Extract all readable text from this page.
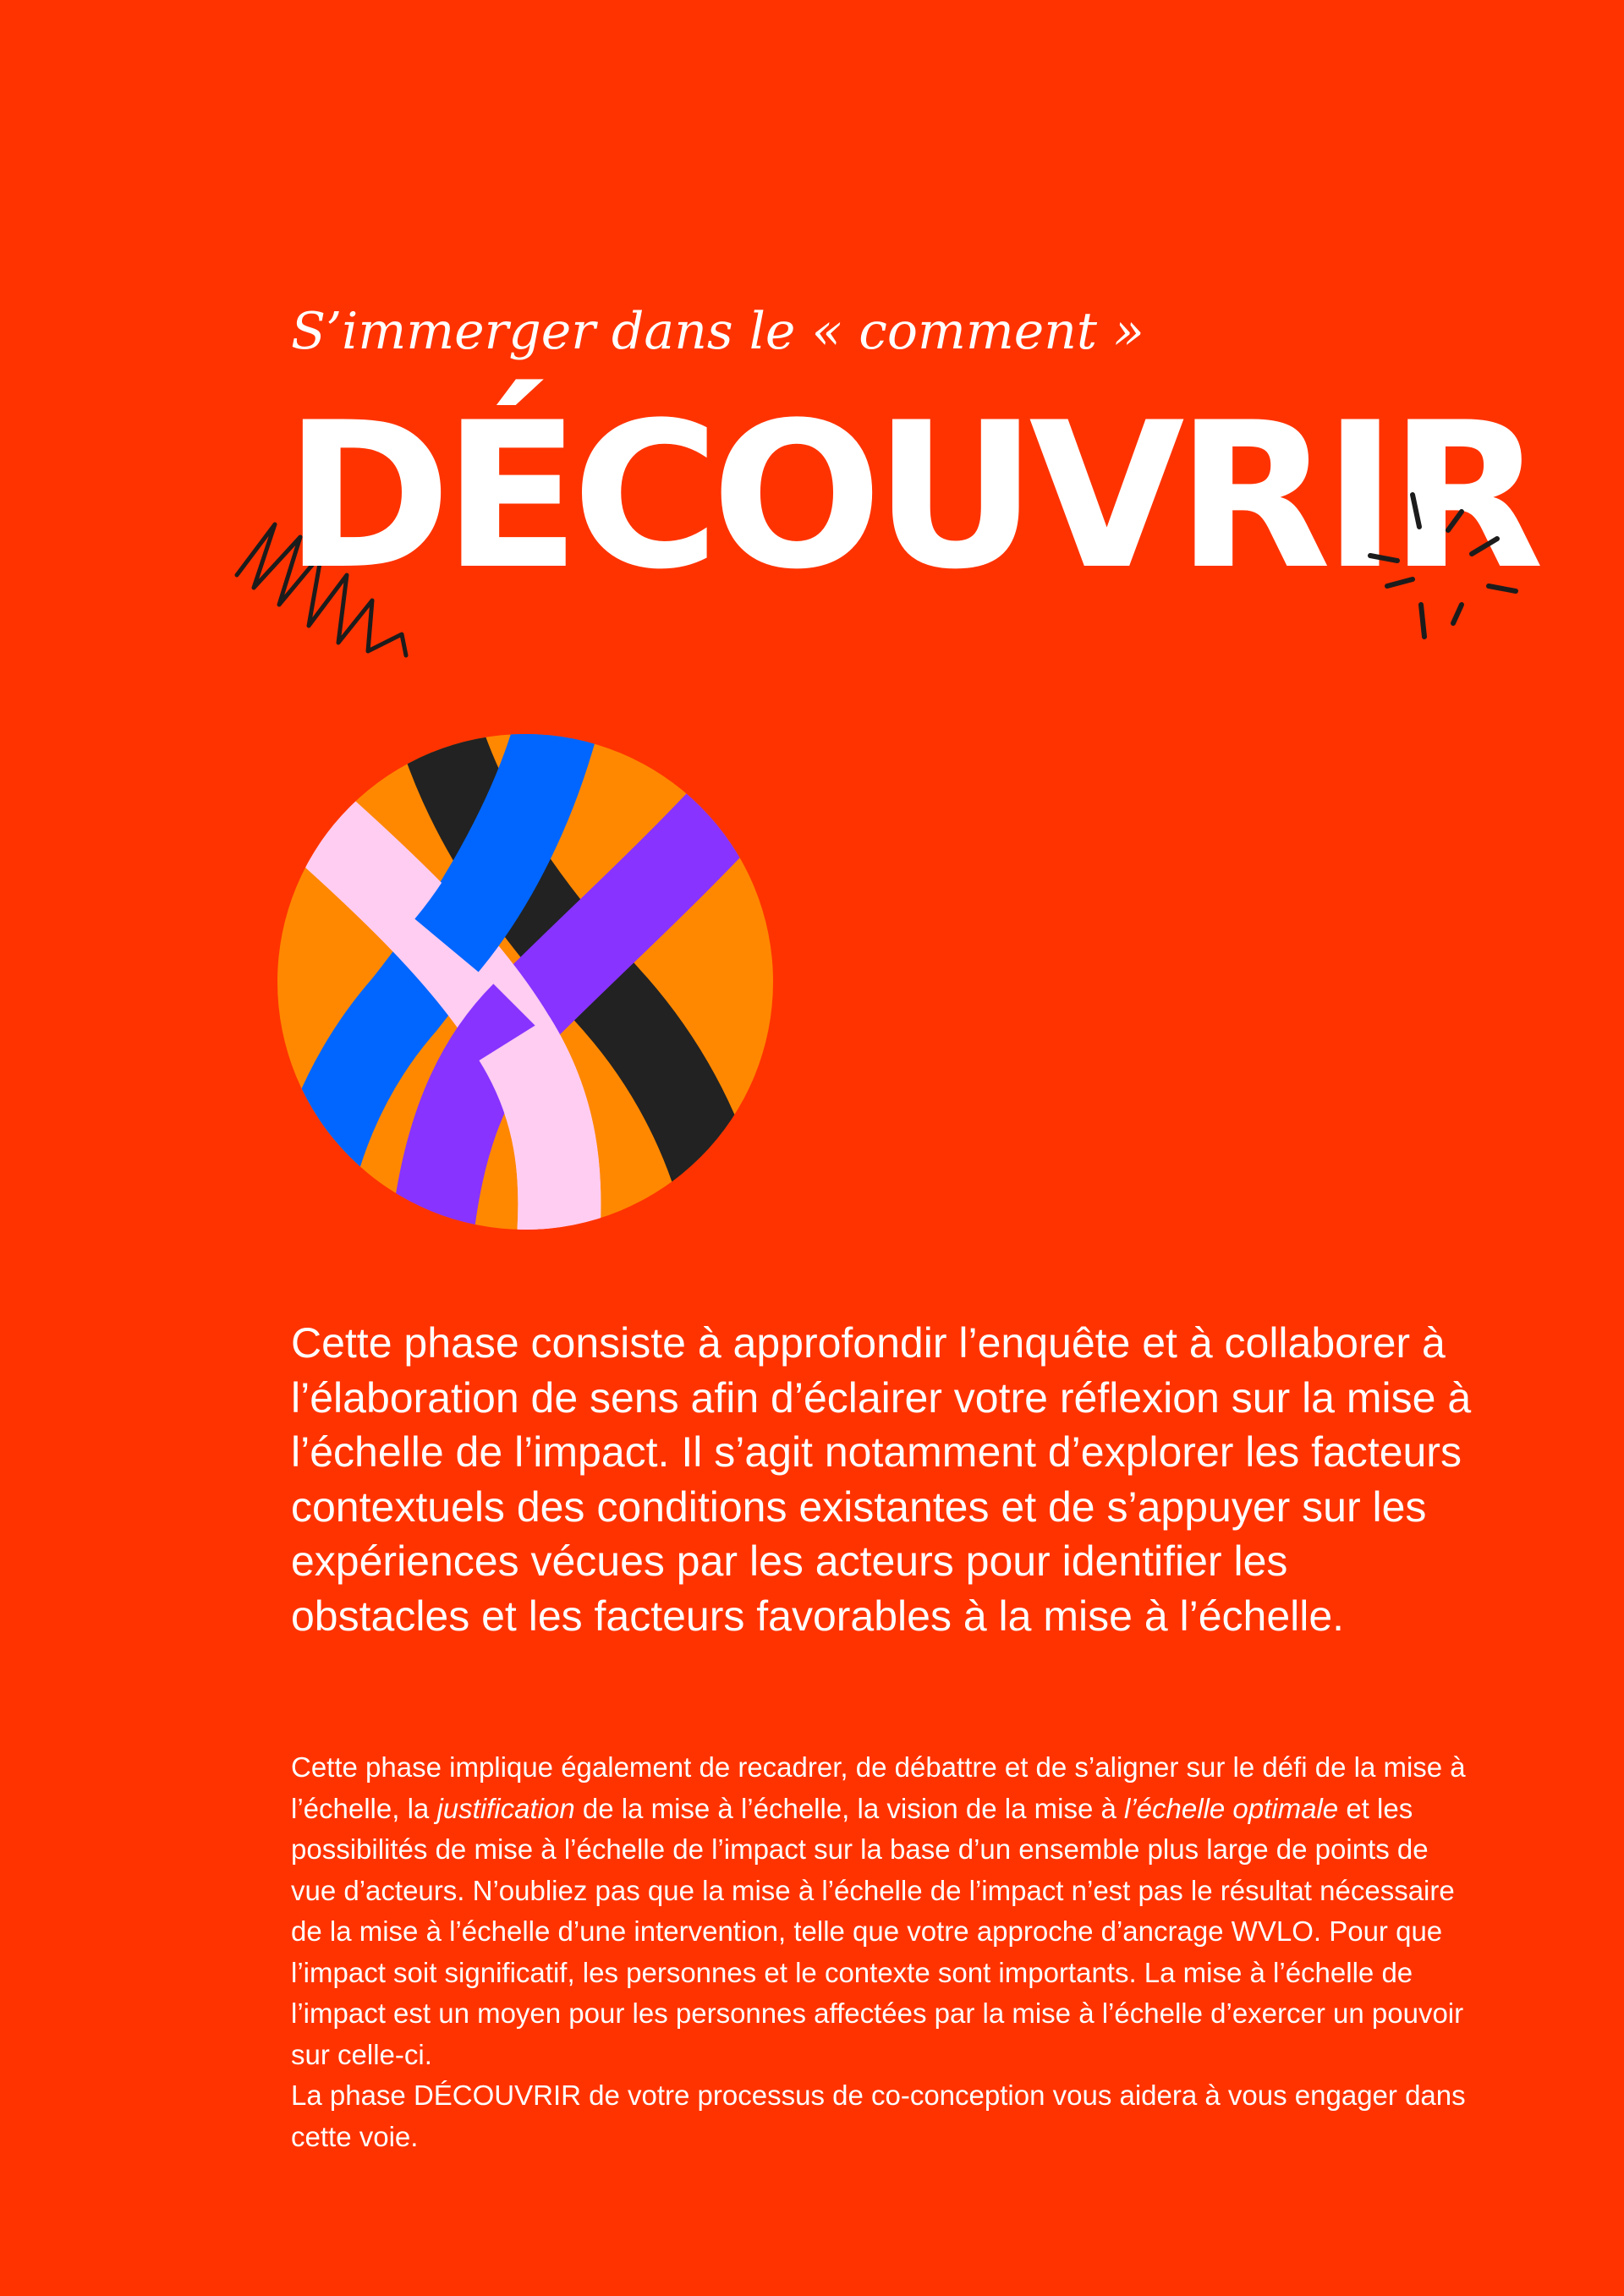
S’immerger dans le « comment »
DÉCOUVRIR
Cette phase consiste à approfondir l’enquête et à collaborer à l’élaboration de sens afin d’éclairer votre réflexion sur la mise à l’échelle de l’impact. Il s’agit notamment d’explorer les facteurs contextuels des conditions existantes et de s’appuyer sur les expériences vécues par les acteurs pour identifier les obstacles et les facteurs favorables à la mise à l’échelle.

Cette phase implique également de recadrer, de débattre et de s’aligner sur le défi de la mise à l’échelle, la justification de la mise à l’échelle, la vision de la mise à l’échelle optimale et les possibilités de mise à l’échelle de l’impact sur la base d’un ensemble plus large de points de vue d’acteurs. N’oubliez pas que la mise à l’échelle de l’impact n’est pas le résultat nécessaire de la mise à l’échelle d’une intervention, telle que votre approche d’ancrage WVLO. Pour que l’impact soit significatif, les personnes et le contexte sont importants. La mise à l’échelle de l’impact est un moyen pour les personnes affectées par la mise à l’échelle d’exercer un pouvoir sur celle-ci.

La phase DÉCOUVRIR de votre processus de co-conception vous aidera à vous engager dans cette voie.
